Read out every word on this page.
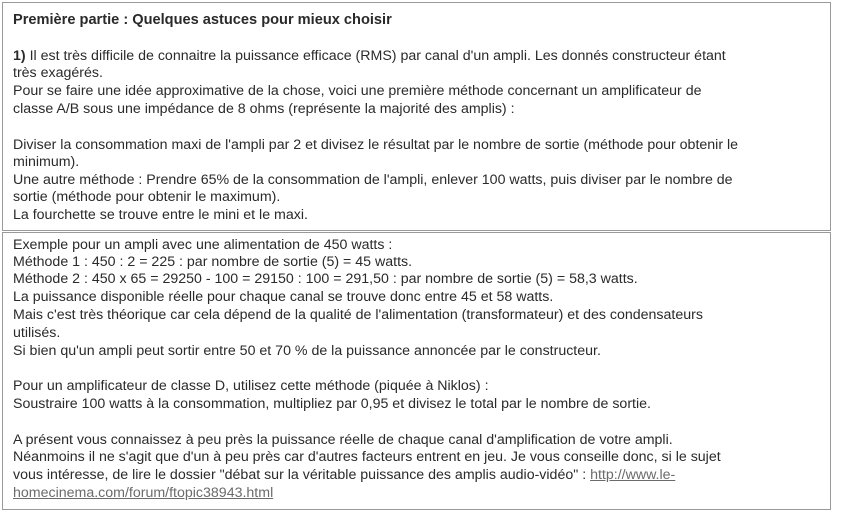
Première partie : Quelques astuces pour mieux choisir
1) Il est très difficile de connaitre la puissance efficace (RMS) par canal d'un ampli. Les donnés constructeur étant
très exagérés.
Pour se faire une idée approximative de la chose, voici une première méthode concernant un amplificateur de
classe A/B sous une impédance de 8 ohms (représente la majorité des amplis) :
Diviser la consommation maxi de l'ampli par 2 et divisez le résultat par le nombre de sortie (méthode pour obtenir le
minimum).
Une autre méthode : Prendre 65% de la consommation de l'ampli, enlever 100 watts, puis diviser par le nombre de
sortie (méthode pour obtenir le maximum).
La fourchette se trouve entre le mini et le maxi.
Exemple pour un ampli avec une alimentation de 450 watts :
Méthode 1 : 450 : 2 = 225 : par nombre de sortie (5) = 45 watts.
Méthode 2 : 450 x 65 = 29250 - 100 = 29150 : 100 = 291,50 : par nombre de sortie (5) = 58,3 watts.
La puissance disponible réelle pour chaque canal se trouve donc entre 45 et 58 watts.
Mais c'est très théorique car cela dépend de la qualité de l'alimentation (transformateur) et des condensateurs
utilisés.
Si bien qu'un ampli peut sortir entre 50 et 70 % de la puissance annoncée par le constructeur.
Pour un amplificateur de classe D, utilisez cette méthode (piquée à Niklos) :
Soustraire 100 watts à la consommation, multipliez par 0,95 et divisez le total par le nombre de sortie.
A présent vous connaissez à peu près la puissance réelle de chaque canal d'amplification de votre ampli.
Néanmoins il ne s'agit que d'un à peu près car d'autres facteurs entrent en jeu. Je vous conseille donc, si le sujet
vous intéresse, de lire le dossier "débat sur la véritable puissance des amplis audio-vidéo" : http://www.le-
homecinema.com/forum/ftopic38943.html
